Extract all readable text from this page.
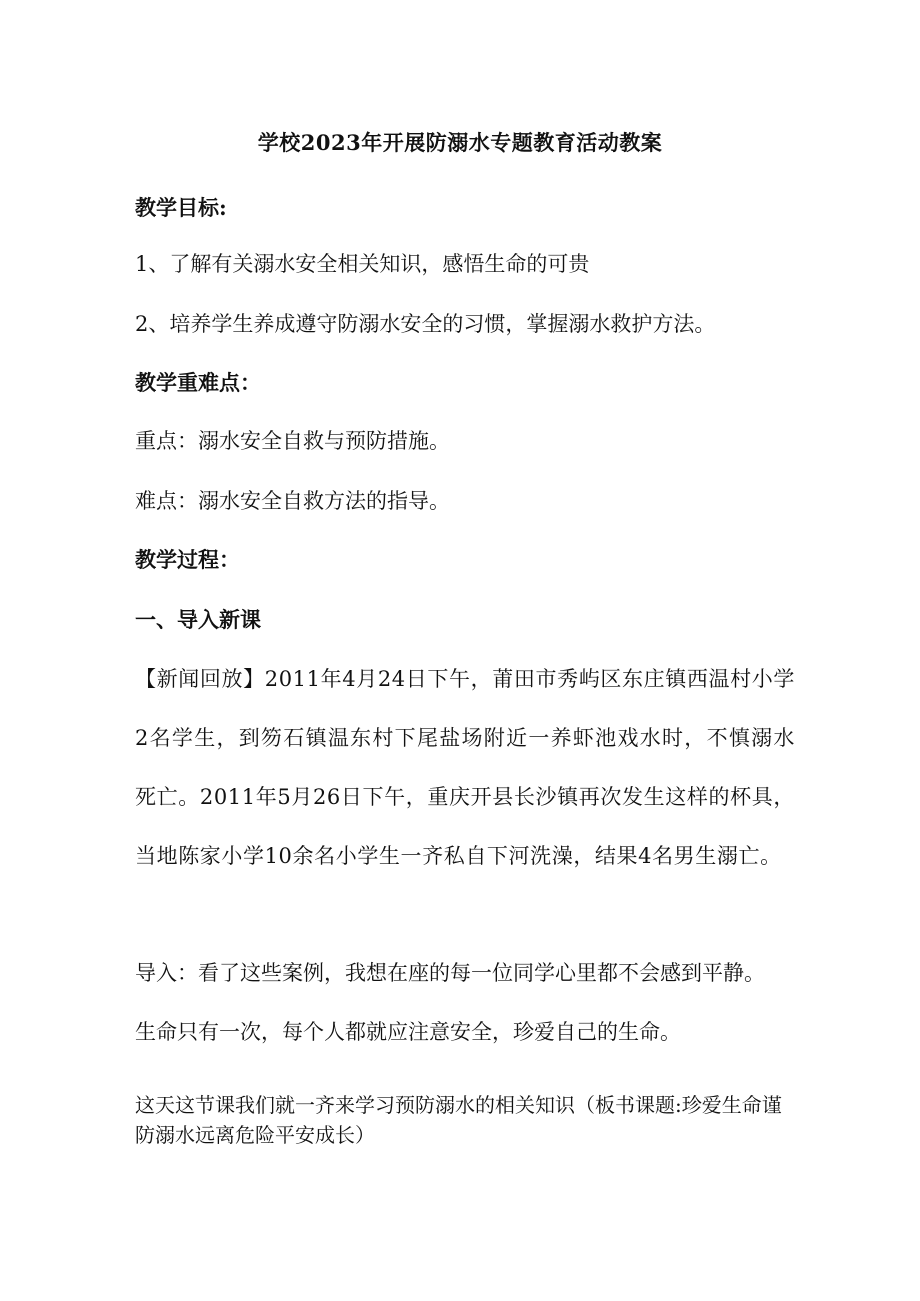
学校2023年开展防溺水专题教育活动教案
教学目标:
1、了解有关溺水安全相关知识，感悟生命的可贵
2、培养学生养成遵守防溺水安全的习惯，掌握溺水救护方法。
教学重难点：
重点：溺水安全自救与预防措施。
难点：溺水安全自救方法的指导。
教学过程：
一、导入新课
【新闻回放】2011年4月24日下午，莆田市秀屿区东庄镇西温村小学2名学生，到笏石镇温东村下尾盐场附近一养虾池戏水时，不慎溺水死亡。2011年5月26日下午，重庆开县长沙镇再次发生这样的杯具，当地陈家小学10余名小学生一齐私自下河洗澡，结果4名男生溺亡。
导入：看了这些案例，我想在座的每一位同学心里都不会感到平静。
生命只有一次，每个人都就应注意安全，珍爱自己的生命。
这天这节课我们就一齐来学习预防溺水的相关知识（板书课题:珍爱生命谨防溺水远离危险平安成长）
